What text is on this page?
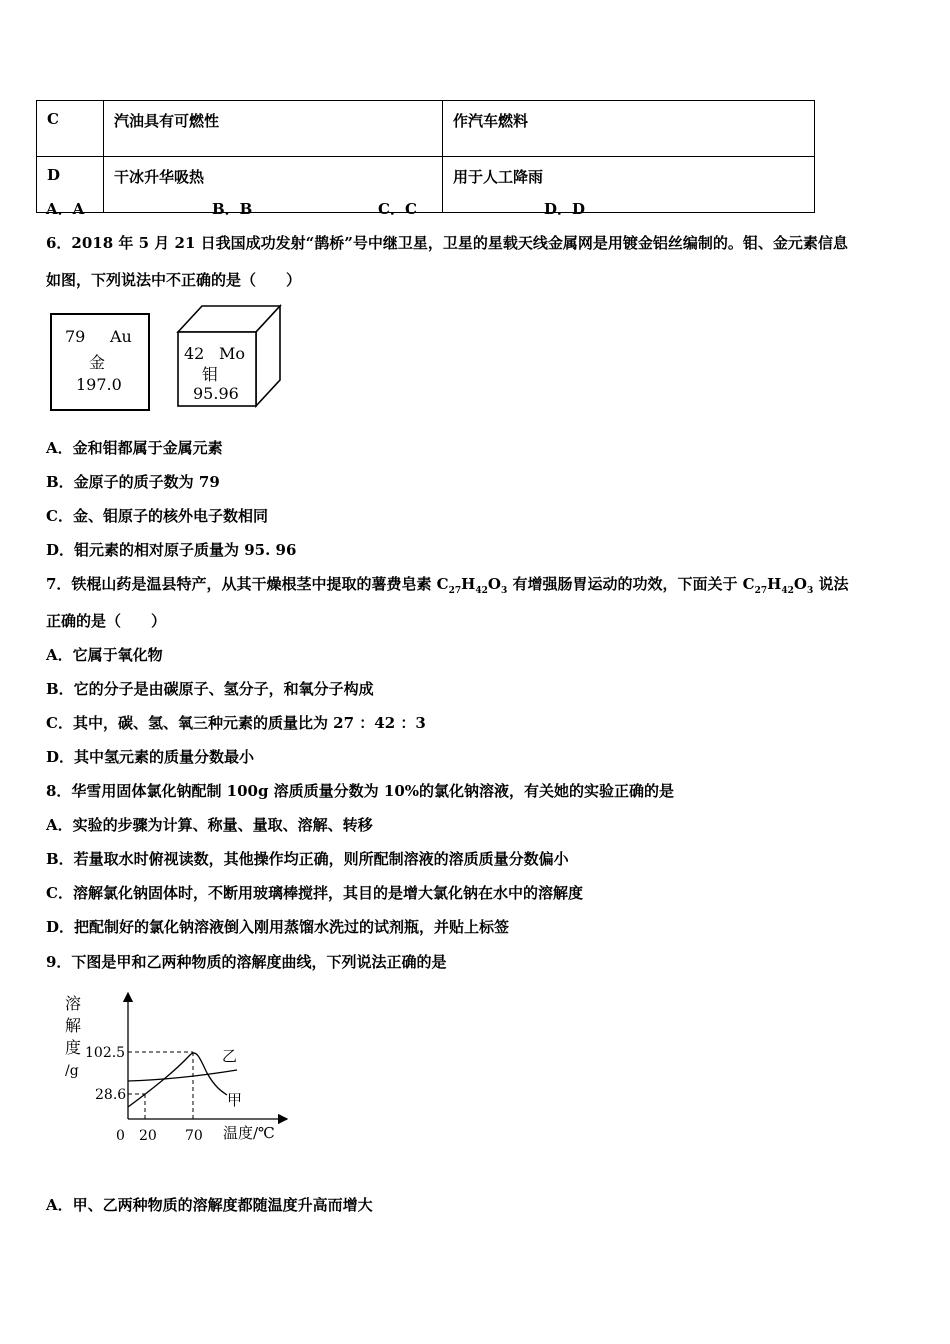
C	汽油具有可燃性	作汽车燃料
D	干冰升华吸热	用于人工降雨
A．A	B．B	C．C	D．D
6．2018 年 5 月 21 日我国成功发射“鹊桥”号中继卫星，卫星的星载天线金属网是用镀金铝丝编制的。钼、金元素信息
如图，下列说法中不正确的是（　　）
79 Au
金
197.0
42 Mo
钼
95.96
A．金和钼都属于金属元素
B．金原子的质子数为 79
C．金、钼原子的核外电子数相同
D．钼元素的相对原子质量为 95. 96
7．铁棍山药是温县特产，从其干燥根茎中提取的薯费皂素 $C_{27}H_{42}O_3$ 有增强肠胃运动的功效，下面关于 $C_{27}H_{42}O_3$ 说法
正确的是（　　）
A．它属于氧化物
B．它的分子是由碳原子、氢分子，和氧分子构成
C．其中，碳、氢、氧三种元素的质量比为 27 ：42 ：3
D．其中氢元素的质量分数最小
8．华雪用固体氯化钠配制 100g 溶质质量分数为 10%的氯化钠溶液，有关她的实验正确的是
A．实验的步骤为计算、称量、量取、溶解、转移
B．若量取水时俯视读数，其他操作均正确，则所配制溶液的溶质质量分数偏小
C．溶解氯化钠固体时，不断用玻璃棒搅拌，其目的是增大氯化钠在水中的溶解度
D．把配制好的氯化钠溶液倒入刚用蒸馏水洗过的试剂瓶，并贴上标签
9．下图是甲和乙两种物质的溶解度曲线，下列说法正确的是
溶
解
度
/g
102.5
28.6
0 20 70 温度/℃
乙
甲
A．甲、乙两种物质的溶解度都随温度升高而增大
